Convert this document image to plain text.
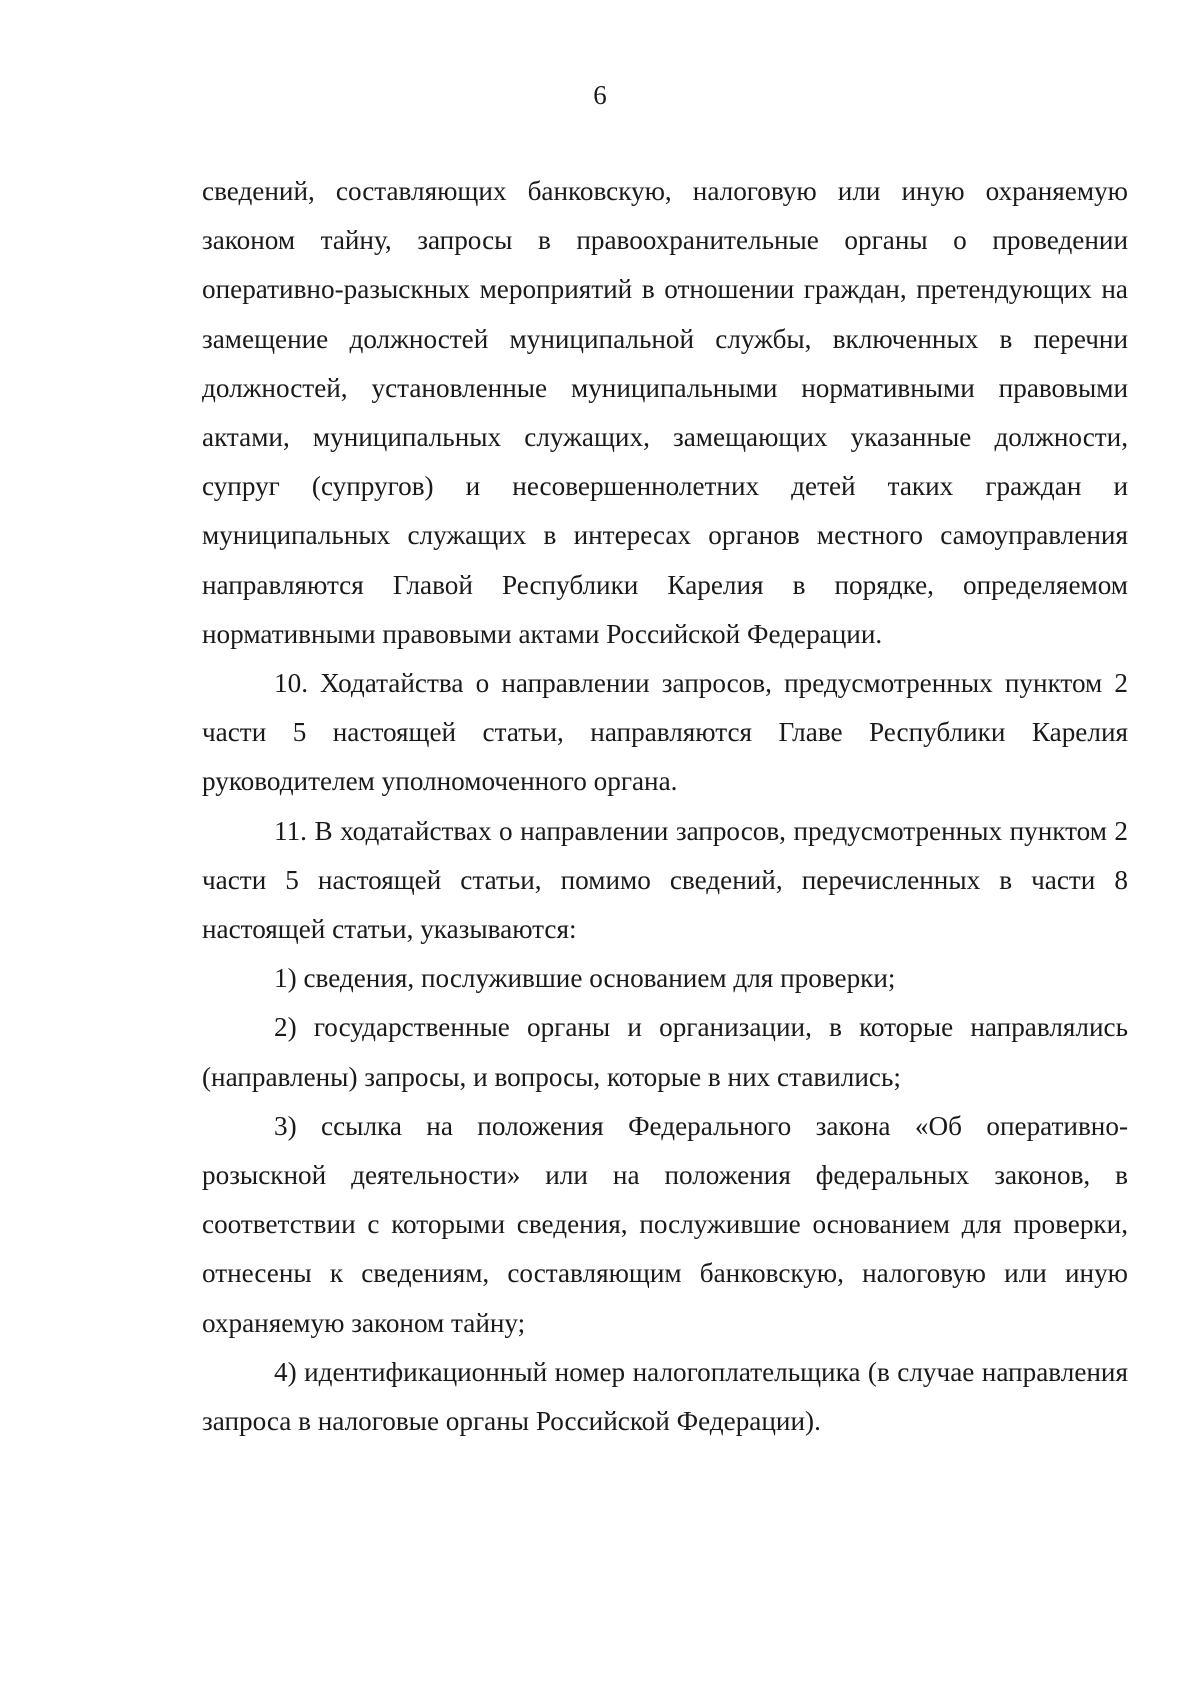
6

сведений, составляющих банковскую, налоговую или иную охраняемую законом тайну, запросы в правоохранительные органы о проведении оперативно-разыскных мероприятий в отношении граждан, претендующих на замещение должностей муниципальной службы, включенных в перечни должностей, установленные муниципальными нормативными правовыми актами, муниципальных служащих, замещающих указанные должности, супруг (супругов) и несовершеннолетних детей таких граждан и муниципальных служащих в интересах органов местного самоуправления направляются Главой Республики Карелия в порядке, определяемом нормативными правовыми актами Российской Федерации.

10. Ходатайства о направлении запросов, предусмотренных пунктом 2 части 5 настоящей статьи, направляются Главе Республики Карелия руководителем уполномоченного органа.

11. В ходатайствах о направлении запросов, предусмотренных пунктом 2 части 5 настоящей статьи, помимо сведений, перечисленных в части 8 настоящей статьи, указываются:

1) сведения, послужившие основанием для проверки;

2) государственные органы и организации, в которые направлялись (направлены) запросы, и вопросы, которые в них ставились;

3) ссылка на положения Федерального закона «Об оперативно-розыскной деятельности» или на положения федеральных законов, в соответствии с которыми сведения, послужившие основанием для проверки, отнесены к сведениям, составляющим банковскую, налоговую или иную охраняемую законом тайну;

4) идентификационный номер налогоплательщика (в случае направления запроса в налоговые органы Российской Федерации).
